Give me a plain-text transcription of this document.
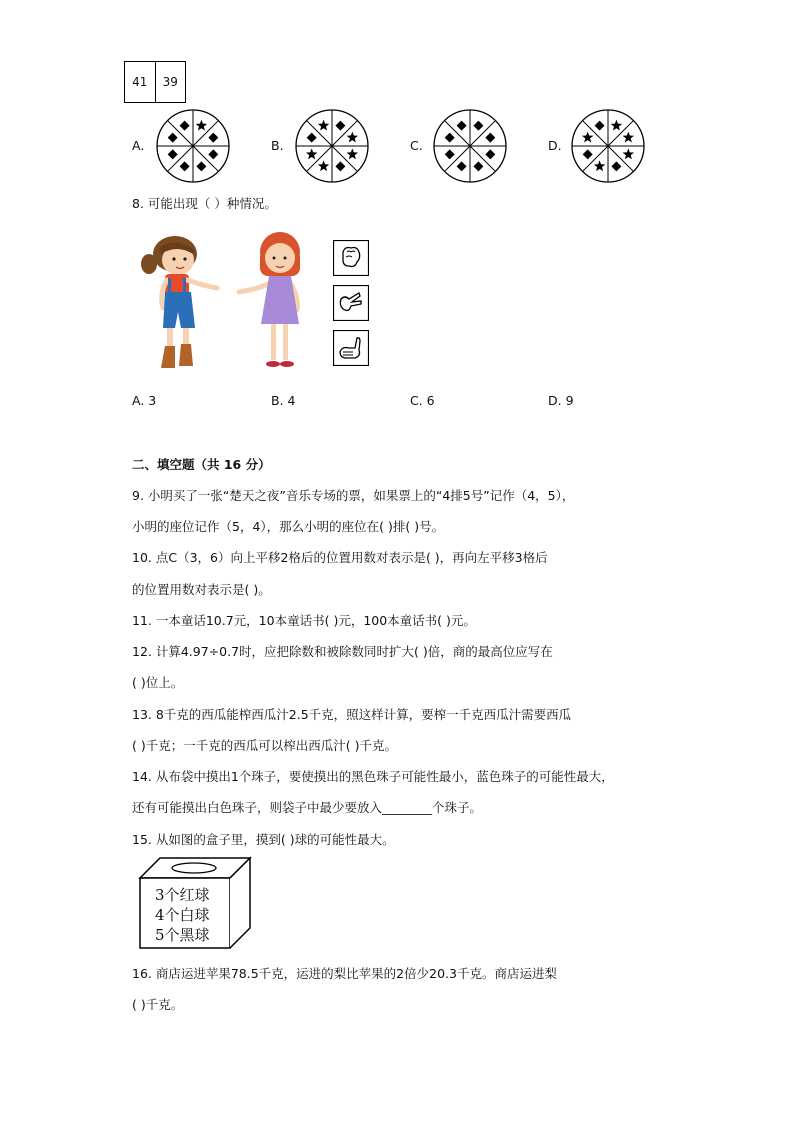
41	39
A.	B.	C.	D.
8. 可能出现（ ）种情况。
A. 3	B. 4	C. 6	D. 9
二、填空题（共 16 分）
9. 小明买了一张“楚天之夜”音乐专场的票，如果票上的“4排5号”记作（4，5），
小明的座位记作（5，4），那么小明的座位在( )排( )号。
10. 点C（3，6）向上平移2格后的位置用数对表示是( )，再向左平移3格后
的位置用数对表示是( )。
11. 一本童话10.7元，10本童话书( )元，100本童话书( )元。
12. 计算4.97÷0.7时，应把除数和被除数同时扩大( )倍，商的最高位应写在
( )位上。
13. 8千克的西瓜能榨西瓜汁2.5千克，照这样计算，要榨一千克西瓜汁需要西瓜
( )千克；一千克的西瓜可以榨出西瓜汁( )千克。
14. 从布袋中摸出1个珠子，要使摸出的黑色珠子可能性最小，蓝色珠子的可能性最大，
还有可能摸出白色珠子，则袋子中最少要放入________个珠子。
15. 从如图的盒子里，摸到( )球的可能性最大。
3个红球
4个白球
5个黑球
16. 商店运进苹果78.5千克，运进的梨比苹果的2倍少20.3千克。商店运进梨
( )千克。
